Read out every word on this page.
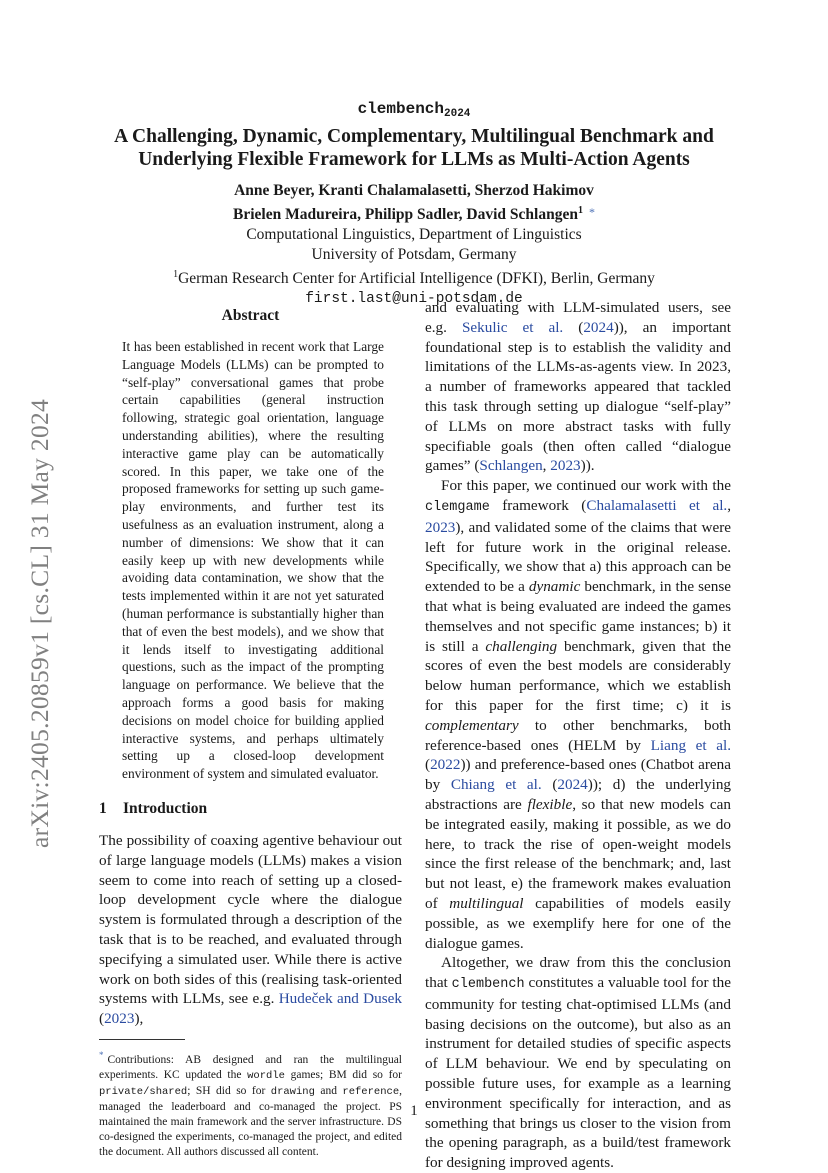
arXiv:2405.20859v1 [cs.CL] 31 May 2024
clembench$_{2024}$
A Challenging, Dynamic, Complementary, Multilingual Benchmark and
Underlying Flexible Framework for LLMs as Multi-Action Agents
Anne Beyer, Kranti Chalamalasetti, Sherzod Hakimov
Brielen Madureira, Philipp Sadler, David Schlangen$^1$ *
Computational Linguistics, Department of Linguistics
University of Potsdam, Germany
$^1$German Research Center for Artificial Intelligence (DFKI), Berlin, Germany
first.last@uni-potsdam.de
Abstract
It has been established in recent work that Large Language Models (LLMs) can be prompted to “self-play” conversational games that probe certain capabilities (general instruction following, strategic goal orientation, language understanding abilities), where the resulting interactive game play can be automatically scored. In this paper, we take one of the proposed frameworks for setting up such game-play environments, and further test its usefulness as an evaluation instrument, along a number of dimensions: We show that it can easily keep up with new developments while avoiding data contamination, we show that the tests implemented within it are not yet saturated (human performance is substantially higher than that of even the best models), and we show that it lends itself to investigating additional questions, such as the impact of the prompting language on performance. We believe that the approach forms a good basis for making decisions on model choice for building applied interactive systems, and perhaps ultimately setting up a closed-loop development environment of system and simulated evaluator.
1 Introduction

The possibility of coaxing agentive behaviour out of large language models (LLMs) makes a vision seem to come into reach of setting up a closed-loop development cycle where the dialogue system is formulated through a description of the task that is to be reached, and evaluated through specifying a simulated user. While there is active work on both sides of this (realising task-oriented systems with LLMs, see e.g. Hudeček and Dusek (2023),

* Contributions: AB designed and ran the multilingual experiments. KC updated the wordle games; BM did so for private/shared; SH did so for drawing and reference, managed the leaderboard and co-managed the project. PS maintained the main framework and the server infrastructure. DS co-designed the experiments, co-managed the project, and edited the document. All authors discussed all content.

and evaluating with LLM-simulated users, see e.g. Sekulic et al. (2024)), an important foundational step is to establish the validity and limitations of the LLMs-as-agents view. In 2023, a number of frameworks appeared that tackled this task through setting up dialogue “self-play” of LLMs on more abstract tasks with fully specifiable goals (then often called “dialogue games” (Schlangen, 2023)).

For this paper, we continued our work with the clemgame framework (Chalamalasetti et al., 2023), and validated some of the claims that were left for future work in the original release. Specifically, we show that a) this approach can be extended to be a dynamic benchmark, in the sense that what is being evaluated are indeed the games themselves and not specific game instances; b) it is still a challenging benchmark, given that the scores of even the best models are considerably below human performance, which we establish for this paper for the first time; c) it is complementary to other benchmarks, both reference-based ones (HELM by Liang et al. (2022)) and preference-based ones (Chatbot arena by Chiang et al. (2024)); d) the underlying abstractions are flexible, so that new models can be integrated easily, making it possible, as we do here, to track the rise of open-weight models since the first release of the benchmark; and, last but not least, e) the framework makes evaluation of multilingual capabilities of models easily possible, as we exemplify here for one of the dialogue games.

Altogether, we draw from this the conclusion that clembench constitutes a valuable tool for the community for testing chat-optimised LLMs (and basing decisions on the outcome), but also as an instrument for detailed studies of specific aspects of LLM behaviour. We end by speculating on possible future uses, for example as a learning environment specifically for interaction, and as something that brings us closer to the vision from the opening paragraph, as a build/test framework for designing improved agents.

1
